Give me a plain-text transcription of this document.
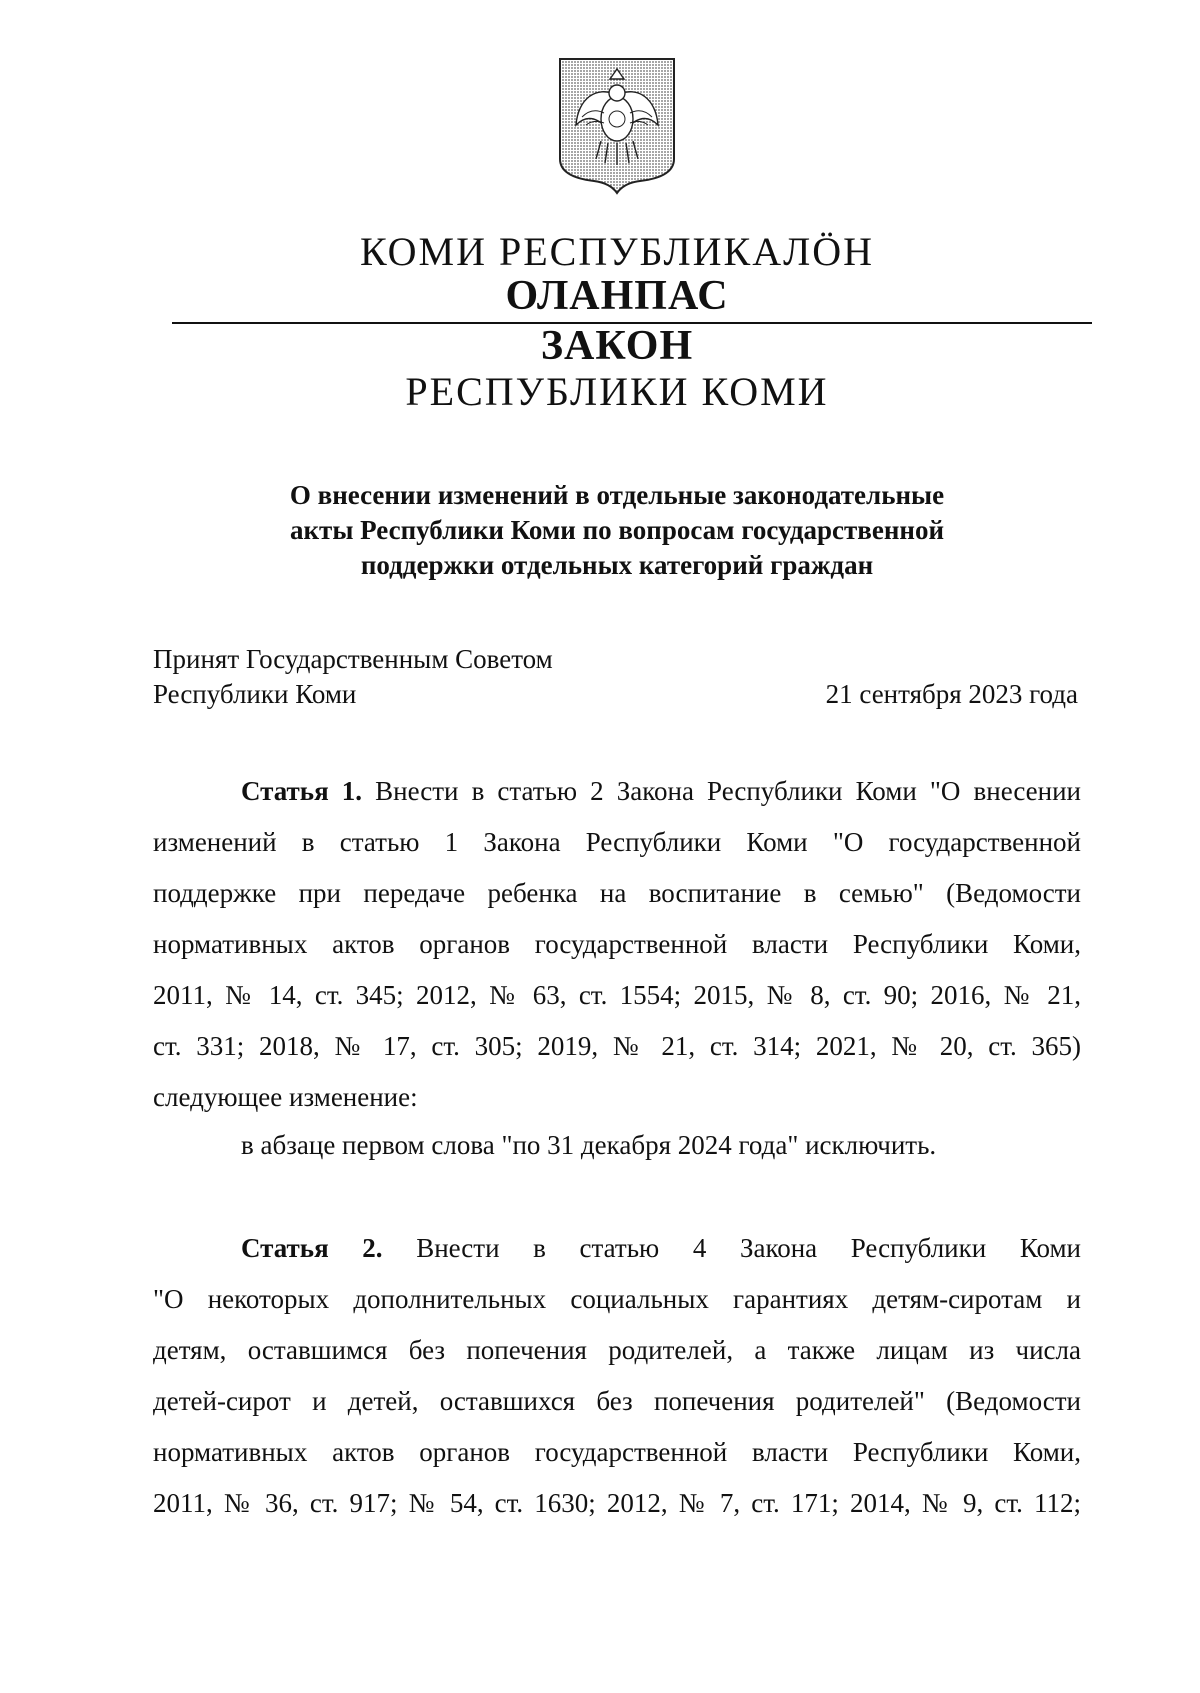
КОМИ РЕСПУБЛИКАЛӦН
ОЛАНПАС
ЗАКОН
РЕСПУБЛИКИ КОМИ
О внесении изменений в отдельные законодательные
акты Республики Коми по вопросам государственной
поддержки отдельных категорий граждан
Принят Государственным Советом
Республики Коми	21 сентября 2023 года
Статья 1. Внести в статью 2 Закона Республики Коми "О внесении
изменений в статью 1 Закона Республики Коми "О государственной
поддержке при передаче ребенка на воспитание в семью" (Ведомости
нормативных актов органов государственной власти Республики Коми,
2011, № 14, ст. 345; 2012, № 63, ст. 1554; 2015, № 8, ст. 90; 2016, № 21,
ст. 331; 2018, № 17, ст. 305; 2019, № 21, ст. 314; 2021, № 20, ст. 365)
следующее изменение:
в абзаце первом слова "по 31 декабря 2024 года" исключить.
Статья 2. Внести в статью 4 Закона Республики Коми
"О некоторых дополнительных социальных гарантиях детям-сиротам и
детям, оставшимся без попечения родителей, а также лицам из числа
детей-сирот и детей, оставшихся без попечения родителей" (Ведомости
нормативных актов органов государственной власти Республики Коми,
2011, № 36, ст. 917; № 54, ст. 1630; 2012, № 7, ст. 171; 2014, № 9, ст. 112;
